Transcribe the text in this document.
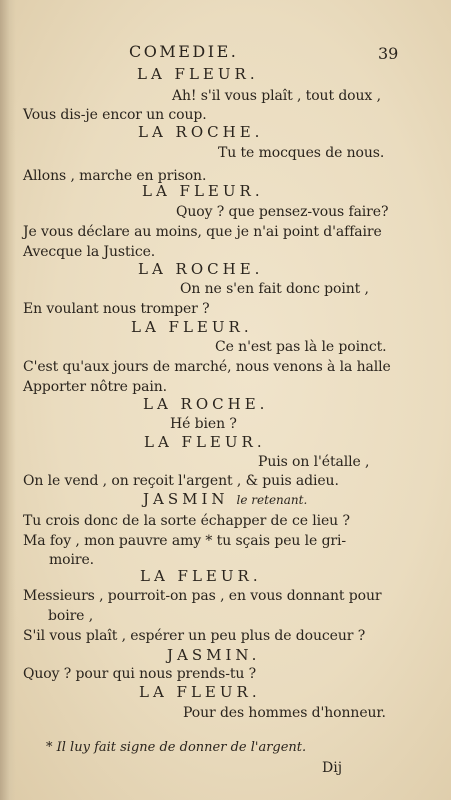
COMEDIE.	39
LA FLEUR.
Ah! s'il vous plaît , tout doux ,
Vous dis-je encor un coup.
LA ROCHE.
Tu te mocques de nous.
Allons , marche en prison.
LA FLEUR.
Quoy ? que pensez-vous faire?
Je vous déclare au moins, que je n'ai point d'affaire
Avecque la Justice.
LA ROCHE.
On ne s'en fait donc point ,
En voulant nous tromper ?
LA FLEUR.
Ce n'est pas là le poinct.
C'est qu'aux jours de marché, nous venons à la halle
Apporter nôtre pain.
LA ROCHE.
Hé bien ?
LA FLEUR.
Puis on l'étalle ,
On le vend , on reçoit l'argent , & puis adieu.
JASMIN le retenant.
Tu crois donc de la sorte échapper de ce lieu ?
Ma foy , mon pauvre amy * tu sçais peu le gri-
moire.
LA FLEUR.
Messieurs , pourroit-on pas , en vous donnant pour
boire ,
S'il vous plaît , espérer un peu plus de douceur ?
JASMIN.
Quoy ? pour qui nous prends-tu ?
LA FLEUR.
Pour des hommes d'honneur.
* Il luy fait signe de donner de l'argent.
Dij
